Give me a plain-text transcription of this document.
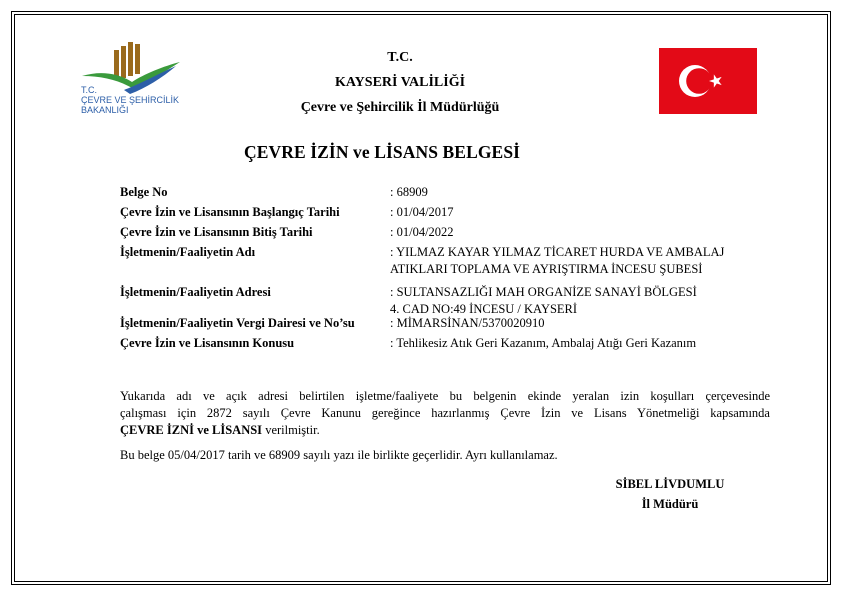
T.C.
ÇEVRE VE ŞEHİRCİLİK
BAKANLIĞI
T.C.
KAYSERİ VALİLİĞİ
Çevre ve Şehircilik İl Müdürlüğü
ÇEVRE İZİN ve LİSANS BELGESİ
Belge No	: 68909
Çevre İzin ve Lisansının Başlangıç Tarihi	: 01/04/2017
Çevre İzin ve Lisansının Bitiş Tarihi	: 01/04/2022
İşletmenin/Faaliyetin Adı	: YILMAZ KAYAR YILMAZ TİCARET HURDA VE AMBALAJ
ATIKLARI TOPLAMA VE AYRIŞTIRMA İNCESU ŞUBESİ
İşletmenin/Faaliyetin Adresi	: SULTANSAZLIĞI MAH ORGANİZE SANAYİ BÖLGESİ
4. CAD NO:49 İNCESU / KAYSERİ
İşletmenin/Faaliyetin Vergi Dairesi ve No’su	: MİMARSİNAN/5370020910
Çevre İzin ve Lisansının Konusu	: Tehlikesiz Atık Geri Kazanım, Ambalaj Atığı Geri Kazanım
Yukarıda adı ve açık adresi belirtilen işletme/faaliyete bu belgenin ekinde yeralan izin koşulları çerçevesinde
çalışması için 2872 sayılı Çevre Kanunu gereğince hazırlanmış Çevre İzin ve Lisans Yönetmeliği kapsamında
ÇEVRE İZNİ ve LİSANSI verilmiştir.
Bu belge 05/04/2017 tarih ve 68909 sayılı yazı ile birlikte geçerlidir. Ayrı kullanılamaz.
SİBEL LİVDUMLU
İl Müdürü
